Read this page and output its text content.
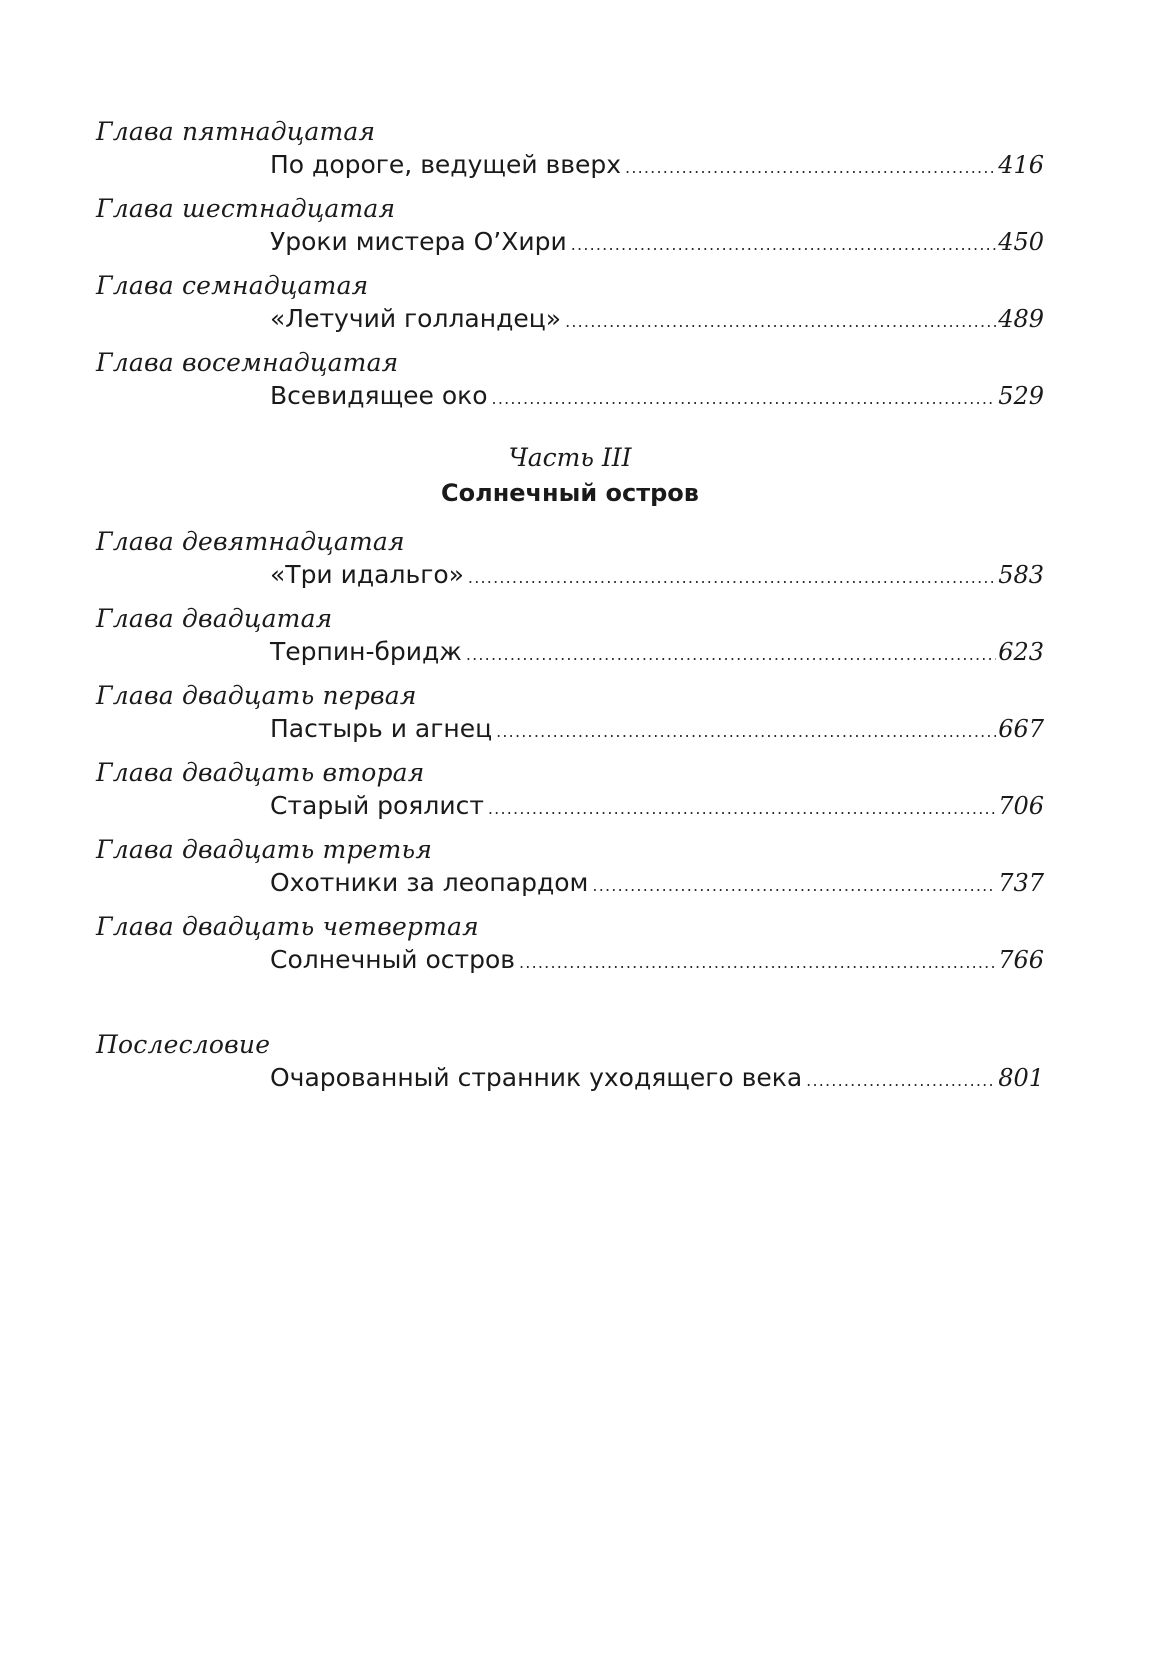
Глава пятнадцатая
По дороге, ведущей вверх .....	416
Глава шестнадцатая
Уроки мистера О’Хири .....	450
Глава семнадцатая
«Летучий голландец» .....	489
Глава восемнадцатая
Всевидящее око .....	529
Часть III
Солнечный остров
Глава девятнадцатая
«Три идальго» .....	583
Глава двадцатая
Терпин-бридж .....	623
Глава двадцать первая
Пастырь и агнец .....	667
Глава двадцать вторая
Старый роялист .....	706
Глава двадцать третья
Охотники за леопардом .....	737
Глава двадцать четвертая
Солнечный остров .....	766
Послесловие
Очарованный странник уходящего века .....	801
